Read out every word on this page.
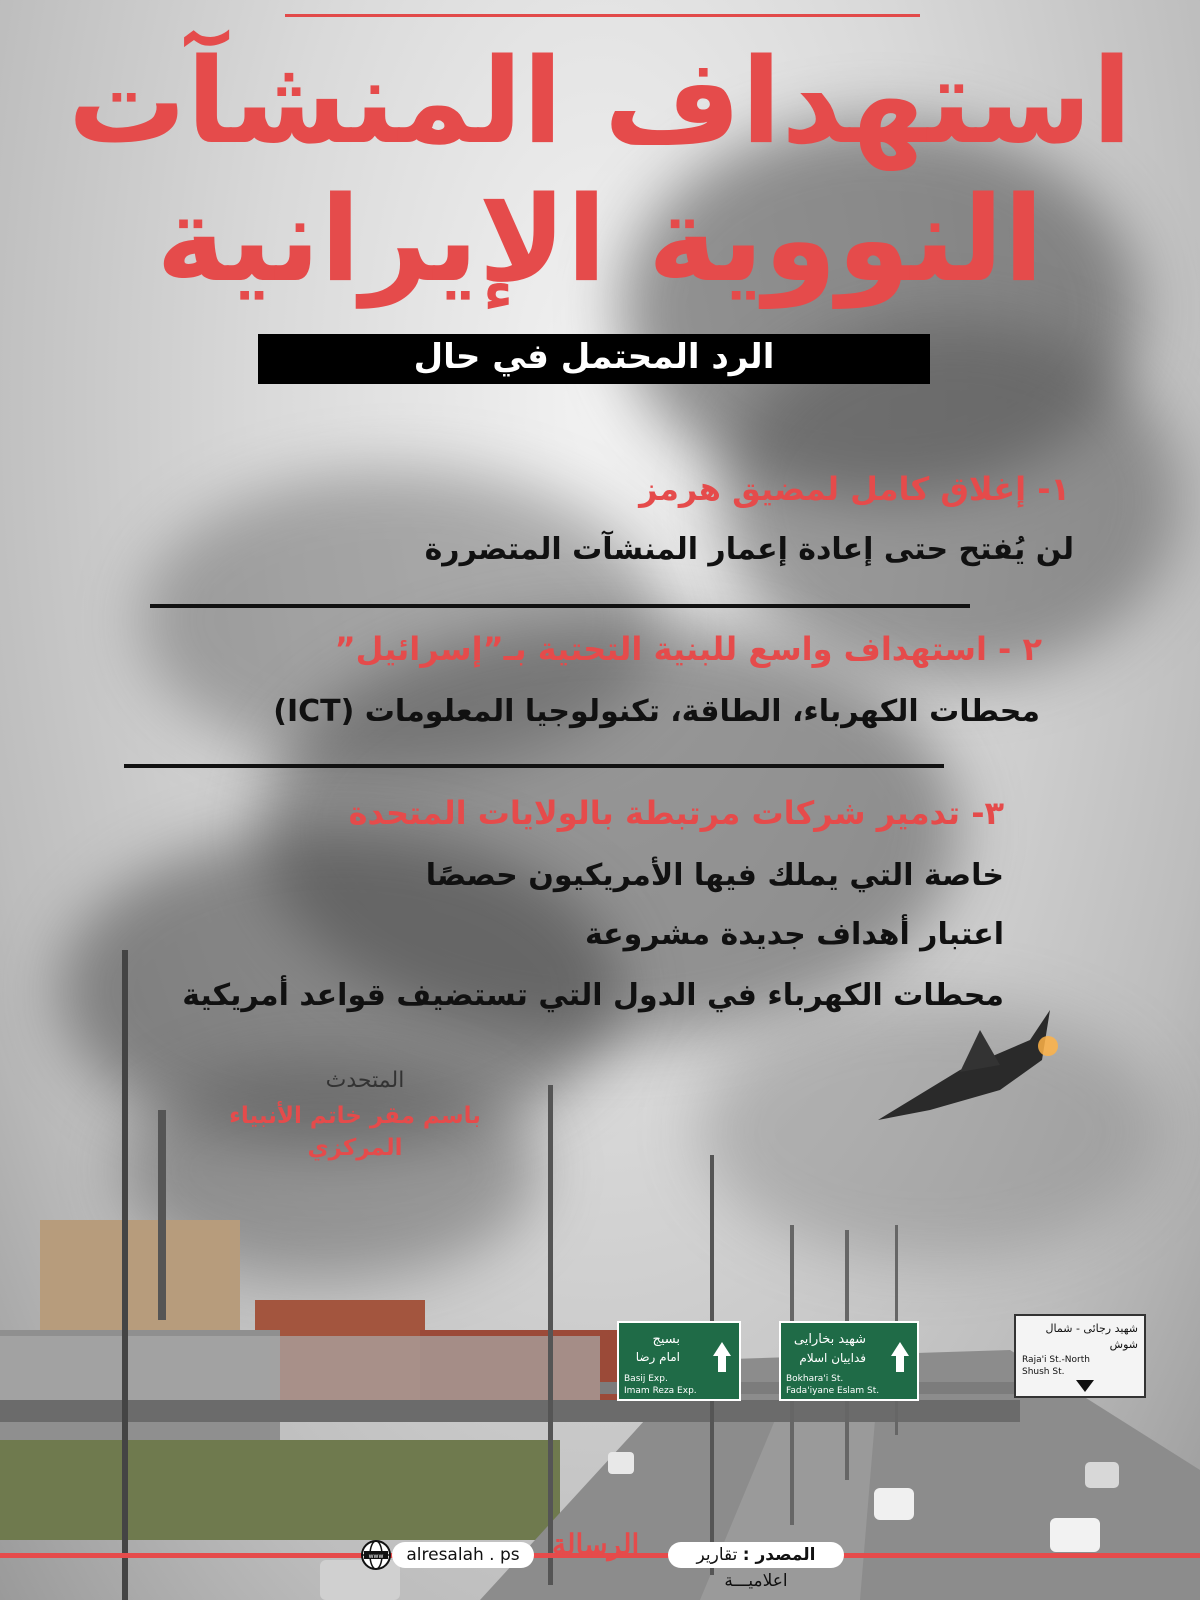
بسیج
امام رضا
Basij Exp.
Imam Reza Exp.
شهید بخارایی
فداییان اسلام
Bokhara'i St.
Fada'iyane Eslam St.
شهید رجائی - شمال
شوش
Raja'i St.-North
Shush St.
استهداف المنشآت
النووية الإيرانية
الرد المحتمل في حال
١- إغلاق كامل لمضيق هرمز
لن يُفتح حتى إعادة إعمار المنشآت المتضررة
٢ - استهداف واسع للبنية التحتية بـ”إسرائيل”
محطات الكهرباء، الطاقة، تكنولوجيا المعلومات (ICT)
٣- تدمير شركات مرتبطة بالولايات المتحدة
خاصة التي يملك فيها الأمريكيون حصصًا
اعتبار أهداف جديدة مشروعة
محطات الكهرباء في الدول التي تستضيف قواعد أمريكية
المتحدث
باسم مقر خاتم الأنبياء
المركزي
www	alresalah . ps	الرسالة	المصدر : تقارير اعلاميـــة
